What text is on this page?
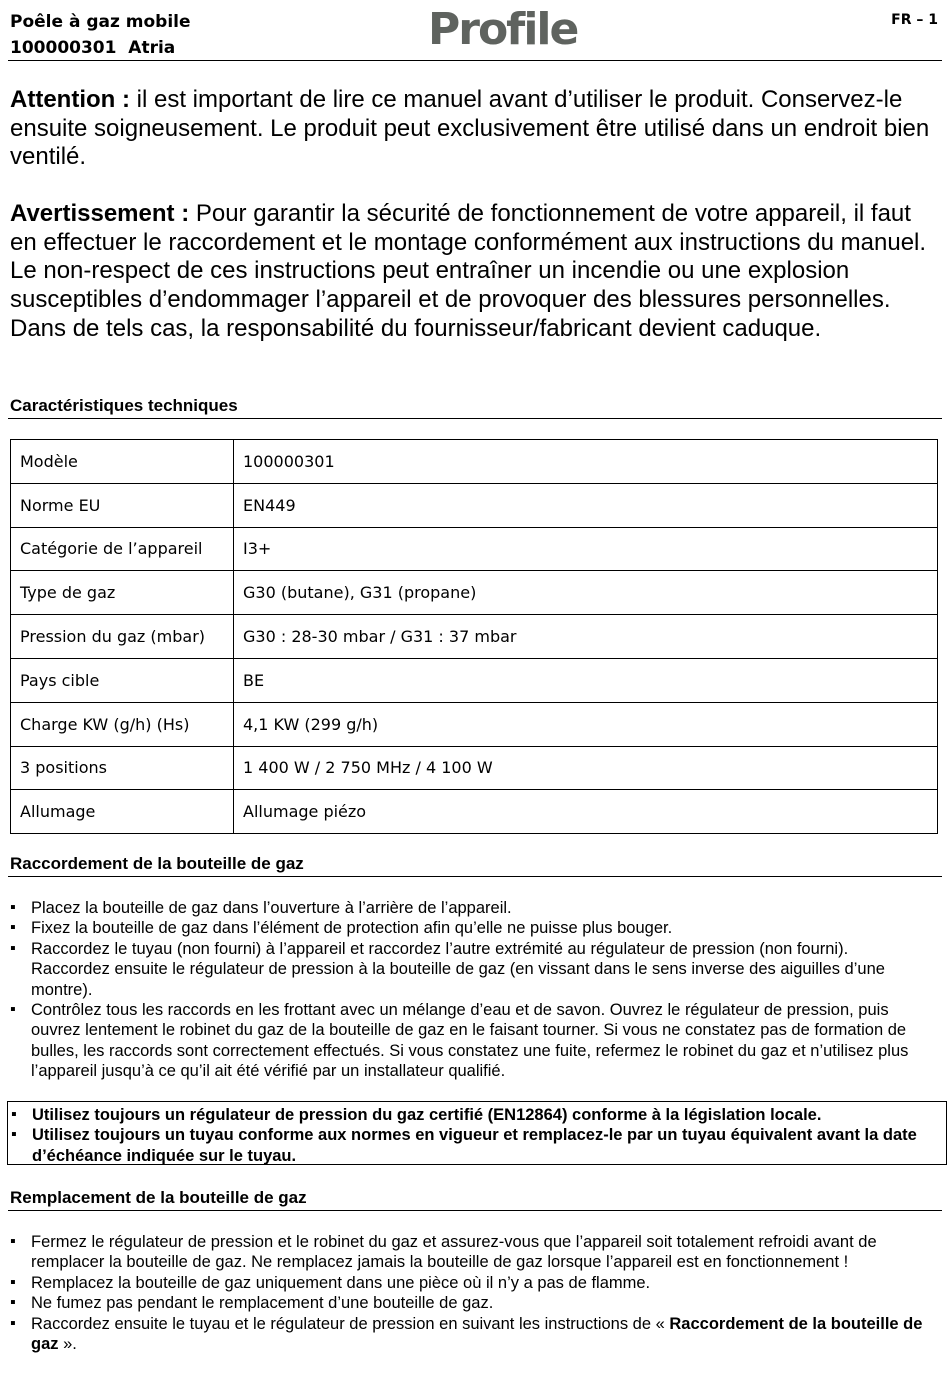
Poêle à gaz mobile
100000301  Atria	Profile	FR – 1

Attention : il est important de lire ce manuel avant d’utiliser le produit. Conservez-le ensuite soigneusement. Le produit peut exclusivement être utilisé dans un endroit bien ventilé.

Avertissement : Pour garantir la sécurité de fonctionnement de votre appareil, il faut en effectuer le raccordement et le montage conformément aux instructions du manuel. Le non-respect de ces instructions peut entraîner un incendie ou une explosion susceptibles d’endommager l’appareil et de provoquer des blessures personnelles. Dans de tels cas, la responsabilité du fournisseur/fabricant devient caduque.

Caractéristiques techniques
Modèle	100000301
Norme EU	EN449
Catégorie de l’appareil	I3+
Type de gaz	G30 (butane), G31 (propane)
Pression du gaz (mbar)	G30 : 28-30 mbar / G31 : 37 mbar
Pays cible	BE
Charge KW (g/h) (Hs)	4,1 KW (299 g/h)
3 positions	1 400 W / 2 750 MHz / 4 100 W
Allumage	Allumage piézo
Raccordement de la bouteille de gaz
▪ Placez la bouteille de gaz dans l’ouverture à l’arrière de l’appareil.
▪ Fixez la bouteille de gaz dans l’élément de protection afin qu’elle ne puisse plus bouger.
▪ Raccordez le tuyau (non fourni) à l’appareil et raccordez l’autre extrémité au régulateur de pression (non fourni). Raccordez ensuite le régulateur de pression à la bouteille de gaz (en vissant dans le sens inverse des aiguilles d’une montre).
▪ Contrôlez tous les raccords en les frottant avec un mélange d’eau et de savon. Ouvrez le régulateur de pression, puis ouvrez lentement le robinet du gaz de la bouteille de gaz en le faisant tourner. Si vous ne constatez pas de formation de bulles, les raccords sont correctement effectués. Si vous constatez une fuite, refermez le robinet du gaz et n’utilisez plus l’appareil jusqu’à ce qu’il ait été vérifié par un installateur qualifié.
▪ Utilisez toujours un régulateur de pression du gaz certifié (EN12864) conforme à la législation locale.
▪ Utilisez toujours un tuyau conforme aux normes en vigueur et remplacez-le par un tuyau équivalent avant la date d’échéance indiquée sur le tuyau.
Remplacement de la bouteille de gaz
▪ Fermez le régulateur de pression et le robinet du gaz et assurez-vous que l’appareil soit totalement refroidi avant de remplacer la bouteille de gaz. Ne remplacez jamais la bouteille de gaz lorsque l’appareil est en fonctionnement !
▪ Remplacez la bouteille de gaz uniquement dans une pièce où il n’y a pas de flamme.
▪ Ne fumez pas pendant le remplacement d’une bouteille de gaz.
▪ Raccordez ensuite le tuyau et le régulateur de pression en suivant les instructions de « Raccordement de la bouteille de gaz ».
